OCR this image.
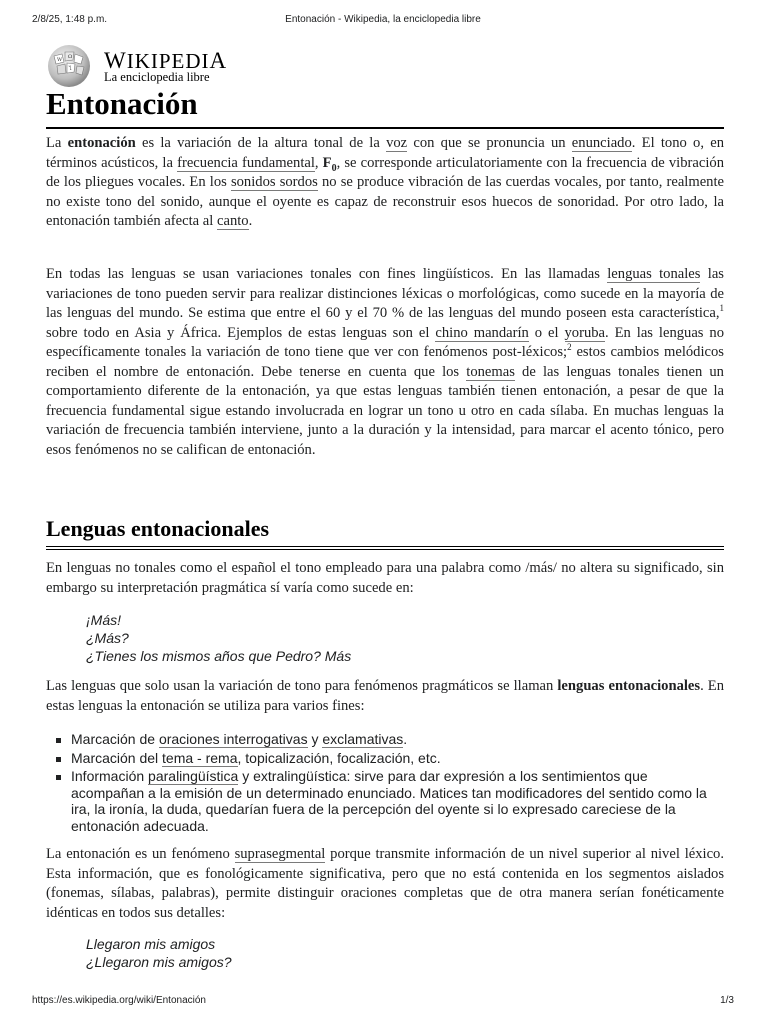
2/8/25, 1:48 p.m.	Entonación - Wikipedia, la enciclopedia libre
W Ω
ไ WIKIPEDIA
La enciclopedia libre
Entonación

La entonación es la variación de la altura tonal de la voz con que se pronuncia un enunciado. El tono o, en términos acústicos, la frecuencia fundamental, $F_0$, se corresponde articulatoriamente con la frecuencia de vibración de los pliegues vocales. En los sonidos sordos no se produce vibración de las cuerdas vocales, por tanto, realmente no existe tono del sonido, aunque el oyente es capaz de reconstruir esos huecos de sonoridad. Por otro lado, la entonación también afecta al canto.

En todas las lenguas se usan variaciones tonales con fines lingüísticos. En las llamadas lenguas tonales las variaciones de tono pueden servir para realizar distinciones léxicas o morfológicas, como sucede en la mayoría de las lenguas del mundo. Se estima que entre el 60 y el 70 % de las lenguas del mundo poseen esta característica,$^1$ sobre todo en Asia y África. Ejemplos de estas lenguas son el chino mandarín o el yoruba. En las lenguas no específicamente tonales la variación de tono tiene que ver con fenómenos post-léxicos;$^2$ estos cambios melódicos reciben el nombre de entonación. Debe tenerse en cuenta que los tonemas de las lenguas tonales tienen un comportamiento diferente de la entonación, ya que estas lenguas también tienen entonación, a pesar de que la frecuencia fundamental sigue estando involucrada en lograr un tono u otro en cada sílaba. En muchas lenguas la variación de frecuencia también interviene, junto a la duración y la intensidad, para marcar el acento tónico, pero esos fenómenos no se califican de entonación.

Lenguas entonacionales

En lenguas no tonales como el español el tono empleado para una palabra como /más/ no altera su significado, sin embargo su interpretación pragmática sí varía como sucede en:

¡Más!
¿Más?
¿Tienes los mismos años que Pedro? Más

Las lenguas que solo usan la variación de tono para fenómenos pragmáticos se llaman lenguas entonacionales. En estas lenguas la entonación se utiliza para varios fines:

Marcación de oraciones interrogativas y exclamativas.
Marcación del tema - rema, topicalización, focalización, etc.
Información paralingüística y extralingüística: sirve para dar expresión a los sentimientos que acompañan a la emisión de un determinado enunciado. Matices tan modificadores del sentido como la ira, la ironía, la duda, quedarían fuera de la percepción del oyente si lo expresado careciese de la entonación adecuada.

La entonación es un fenómeno suprasegmental porque transmite información de un nivel superior al nivel léxico. Esta información, que es fonológicamente significativa, pero que no está contenida en los segmentos aislados (fonemas, sílabas, palabras), permite distinguir oraciones completas que de otra manera serían fonéticamente idénticas en todos sus detalles:

Llegaron mis amigos
¿Llegaron mis amigos?
https://es.wikipedia.org/wiki/Entonación	1/3
